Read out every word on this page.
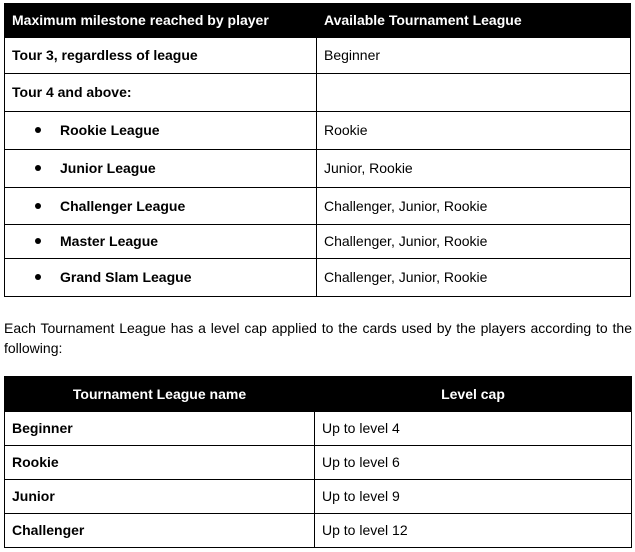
Maximum milestone reached by player	Available Tournament League
Tour 3, regardless of league	Beginner
Tour 4 and above:	
Rookie League	Rookie
Junior League	Junior, Rookie
Challenger League	Challenger, Junior, Rookie
Master League	Challenger, Junior, Rookie
Grand Slam League	Challenger, Junior, Rookie

Each Tournament League has a level cap applied to the cards used by the players according to the following:

Tournament League name	Level cap
Beginner	Up to level 4
Rookie	Up to level 6
Junior	Up to level 9
Challenger	Up to level 12
